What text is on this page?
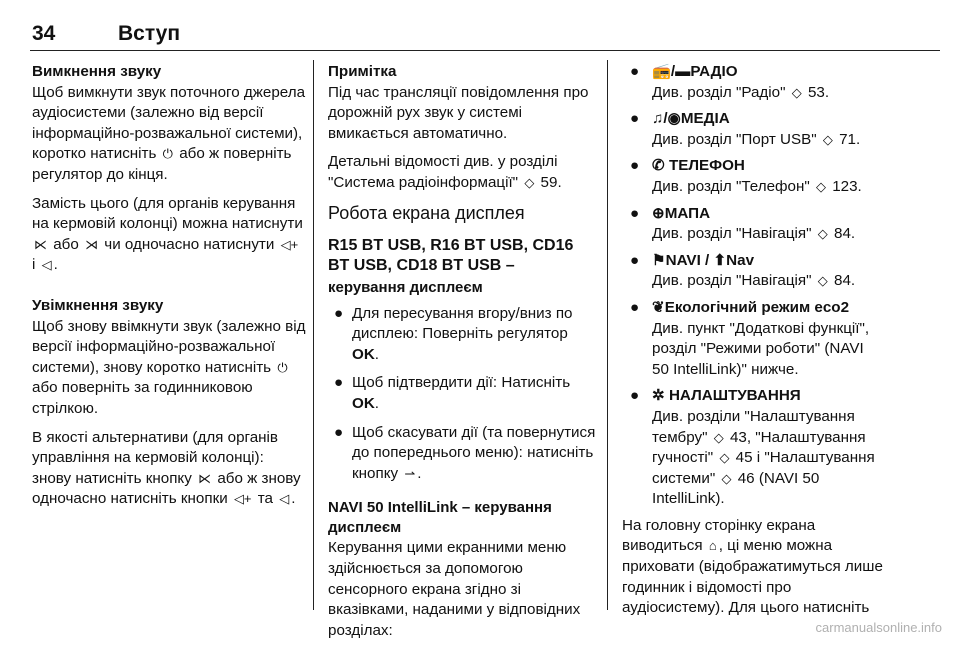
34	Вступ
Вимкнення звуку

Щоб вимкнути звук поточного джерела аудіосистеми (залежно від версії інформаційно-розважальної системи), коротко натисніть ⏻ або ж поверніть регулятор до кінця.

Замість цього (для органів керування на кермовій колонці) можна натиснути ⋉ або ⋊ чи одночасно натиснути ◁+ і ◁ .

Увімкнення звуку

Щоб знову ввімкнути звук (залежно від версії інформаційно-розважальної системи), знову коротко натисніть ⏻ або поверніть за годинниковою стрілкою.

В якості альтернативи (для органів управління на кермовій колонці): знову натисніть кнопку ⋉ або ж знову одночасно натисніть кнопки ◁+ та ◁ .

Примітка

Під час трансляції повідомлення про дорожній рух звук у системі вмикається автоматично.

Детальні відомості див. у розділі "Система радіоінформації" ◇ 59.

Робота екрана дисплея
R15 BT USB, R16 BT USB, CD16 BT USB, CD18 BT USB –
керування дисплеєм
● Для пересування вгору/вниз по дисплею: Поверніть регулятор OK.
● Щоб підтвердити дії: Натисніть OK.
● Щоб скасувати дії (та повернутися до попереднього меню): натисніть кнопку ⇀ .
NAVI 50 IntelliLink – керування дисплеєм

Керування цими екранними меню здійснюється за допомогою сенсорного екрана згідно зі вказівками, наданими у відповідних розділах:

● 📻/▬РАДІО
Див. розділ "Радіо" ◇ 53.
● ♫/◉МЕДІА
Див. розділ "Порт USB" ◇ 71.
● ✆ ТЕЛЕФОН
Див. розділ "Телефон" ◇ 123.
● ⊕МАПА
Див. розділ "Навігація" ◇ 84.
● ⚑NAVI / ⬆Nav
Див. розділ "Навігація" ◇ 84.
● ❦Екологічний режим eco2
Див. пункт "Додаткові функції", розділ "Режими роботи" (NAVI 50 IntelliLink)" нижче.
● ✲ НАЛАШТУВАННЯ
Див. розділи "Налаштування тембру" ◇ 43, "Налаштування гучності" ◇ 45 і "Налаштування системи" ◇ 46 (NAVI 50 IntelliLink).

На головну сторінку екрана виводиться ⌂ , ці меню можна приховати (відображатимуться лише годинник і відомості про аудіосистему). Для цього натисніть

carmanualsonline.info
